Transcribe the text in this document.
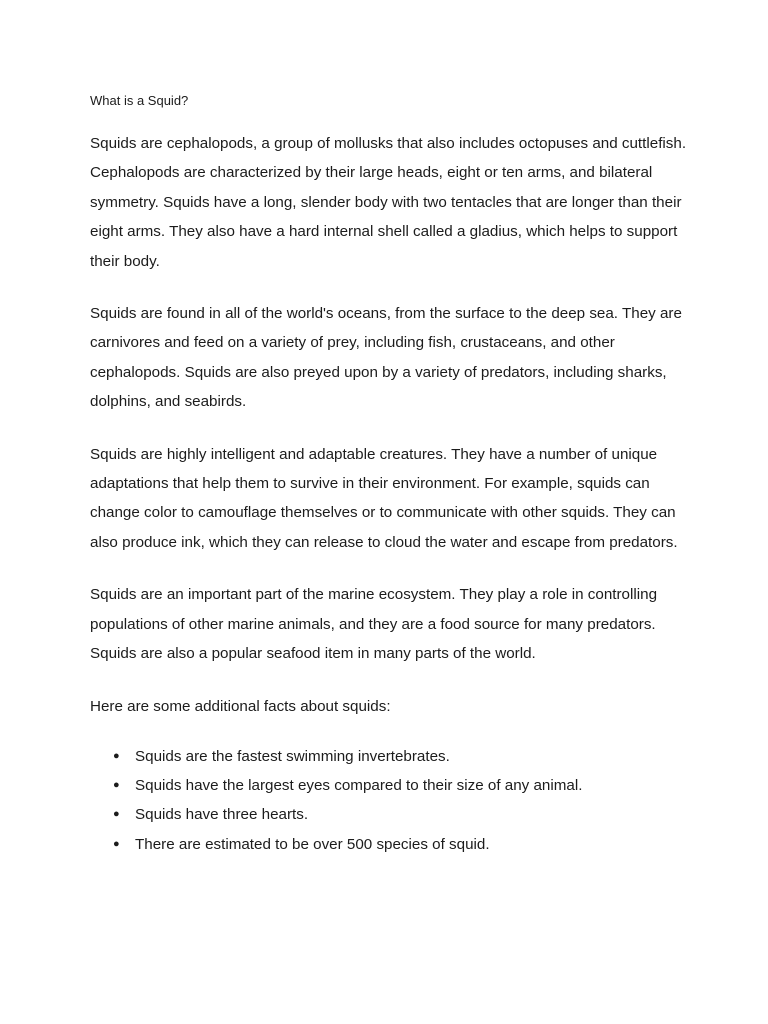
What is a Squid?

Squids are cephalopods, a group of mollusks that also includes octopuses and cuttlefish. Cephalopods are characterized by their large heads, eight or ten arms, and bilateral symmetry. Squids have a long, slender body with two tentacles that are longer than their eight arms. They also have a hard internal shell called a gladius, which helps to support their body.

Squids are found in all of the world's oceans, from the surface to the deep sea. They are carnivores and feed on a variety of prey, including fish, crustaceans, and other cephalopods. Squids are also preyed upon by a variety of predators, including sharks, dolphins, and seabirds.

Squids are highly intelligent and adaptable creatures. They have a number of unique adaptations that help them to survive in their environment. For example, squids can change color to camouflage themselves or to communicate with other squids. They can also produce ink, which they can release to cloud the water and escape from predators.

Squids are an important part of the marine ecosystem. They play a role in controlling populations of other marine animals, and they are a food source for many predators. Squids are also a popular seafood item in many parts of the world.

Here are some additional facts about squids:

● Squids are the fastest swimming invertebrates.
● Squids have the largest eyes compared to their size of any animal.
● Squids have three hearts.
● There are estimated to be over 500 species of squid.
